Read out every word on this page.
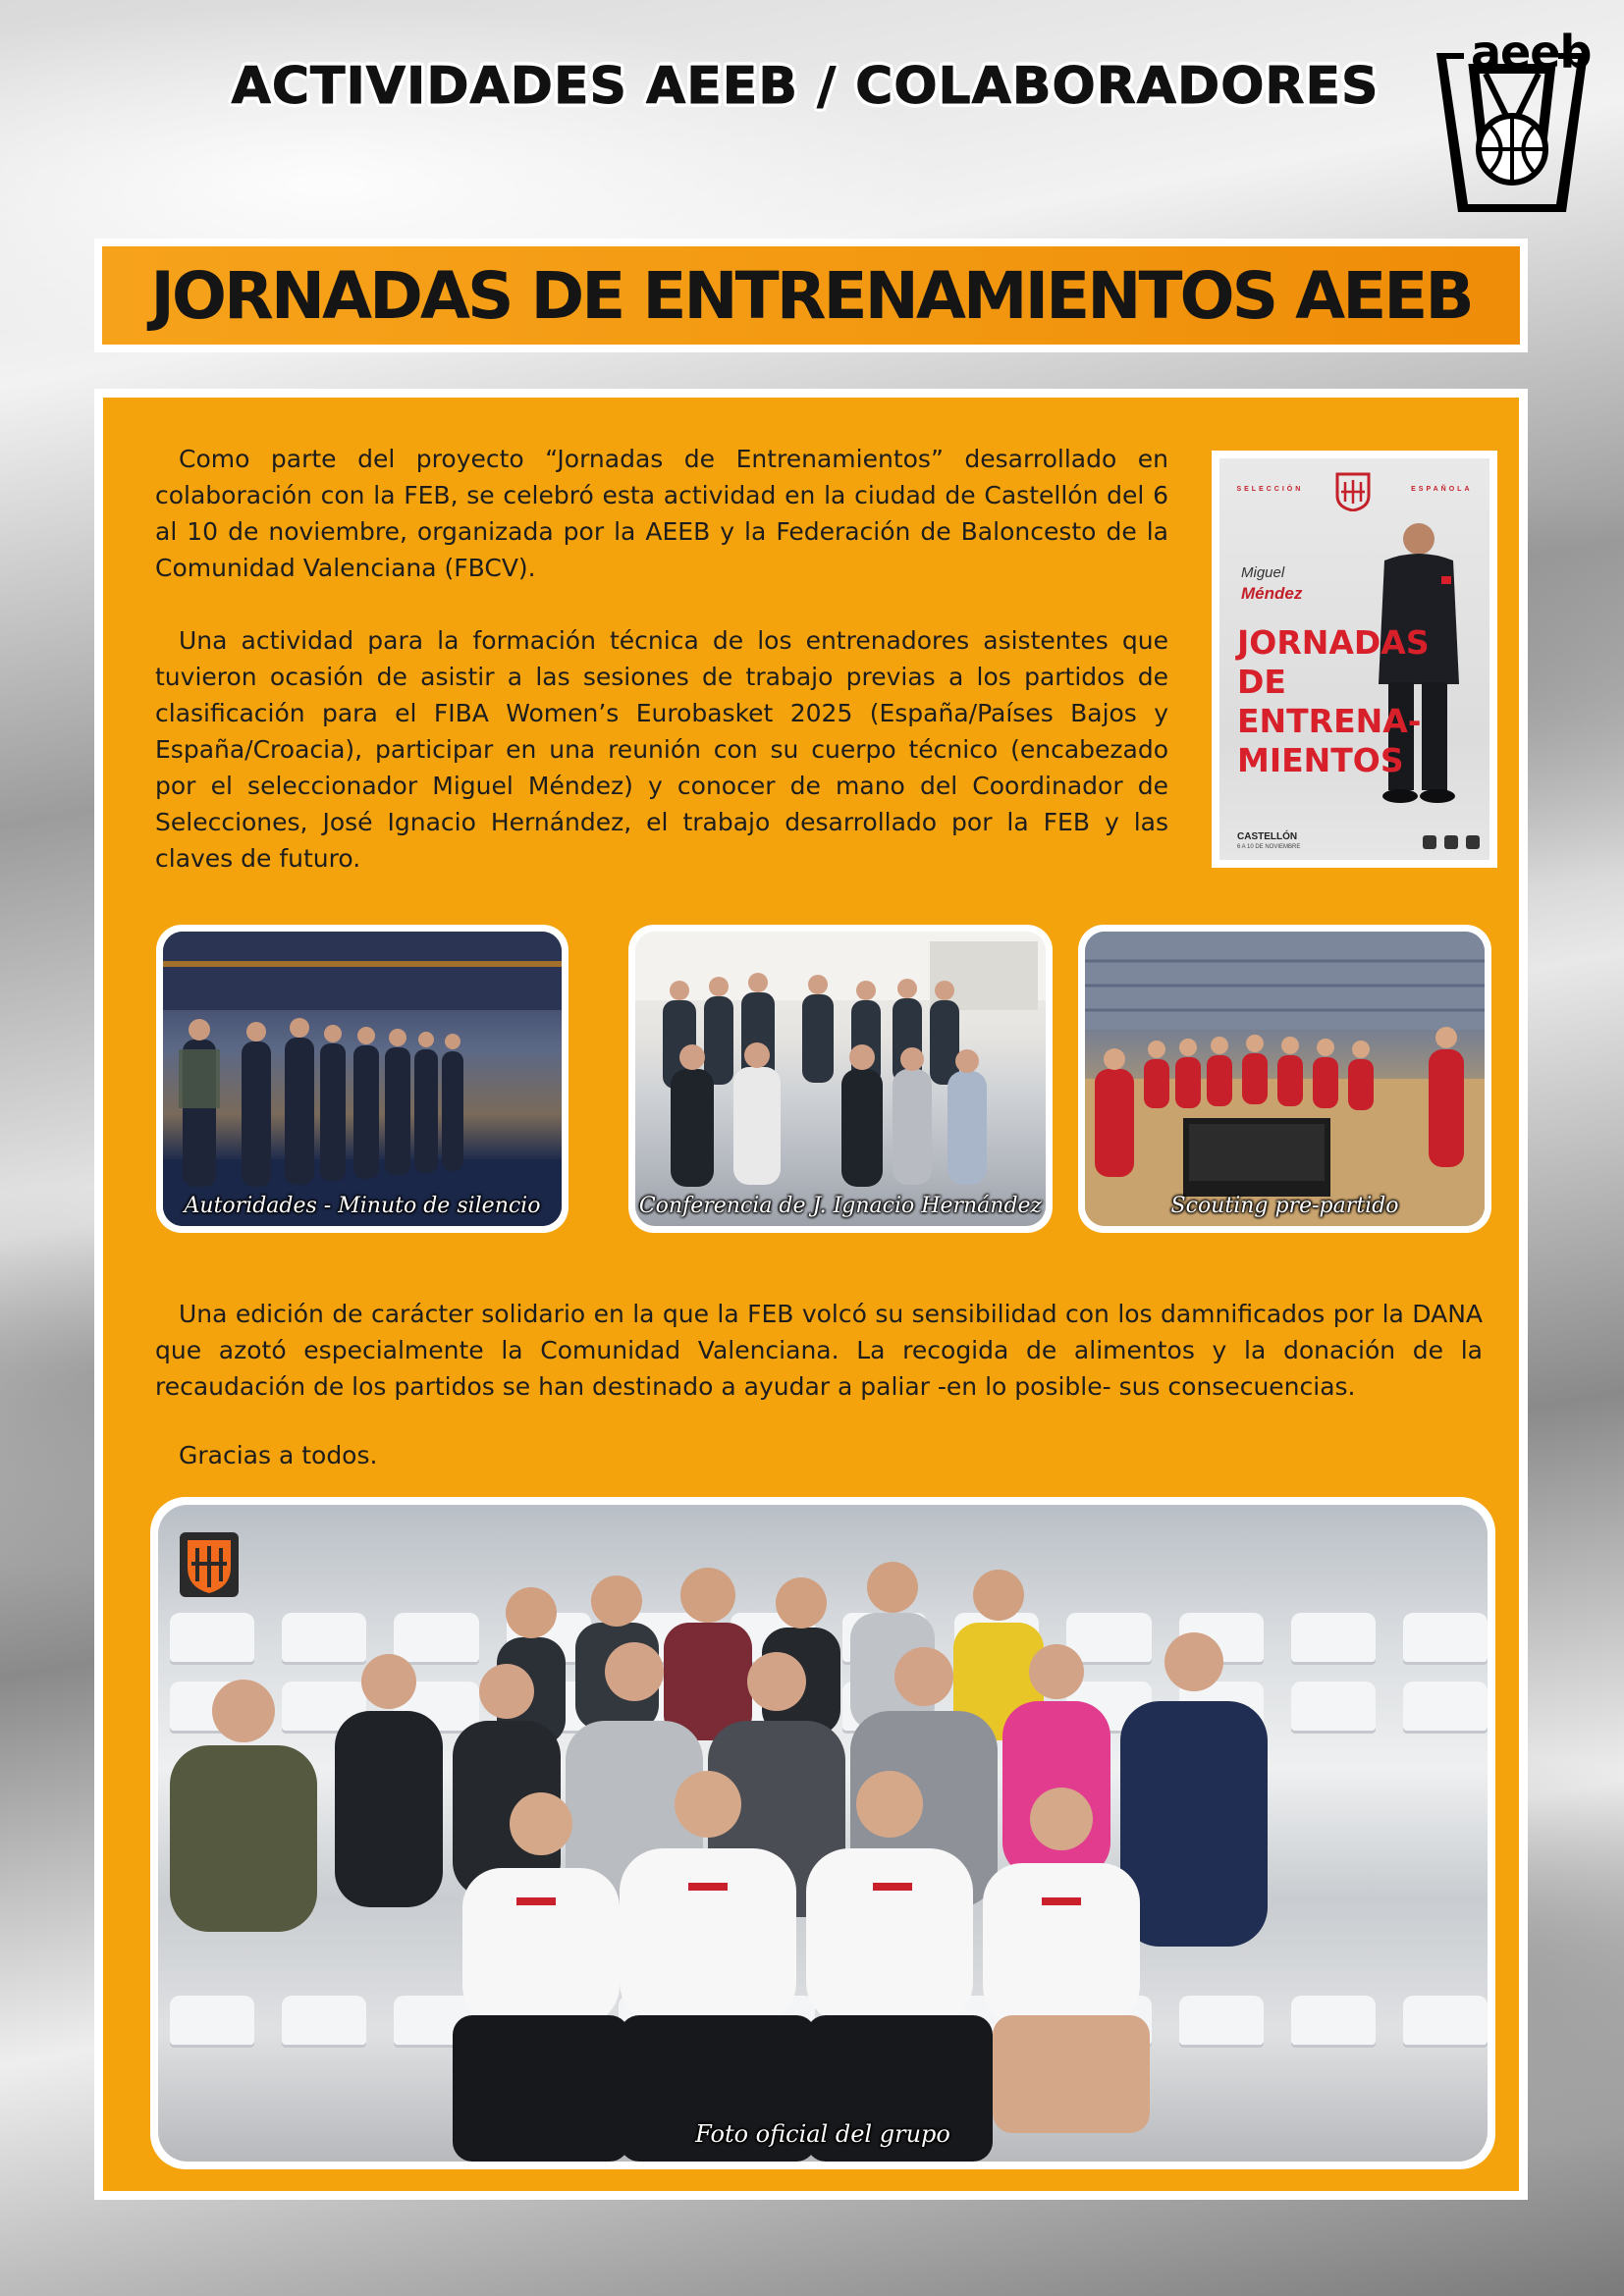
ACTIVIDADES AEEB / COLABORADORES
aeeb
JORNADAS DE ENTRENAMIENTOS AEEB

Como parte del proyecto “Jornadas de Entrenamientos” desarrollado en colaboración con la FEB, se celebró esta actividad en la ciudad de Castellón del 6 al 10 de noviembre, organizada por la AEEB y la Federación de Baloncesto de la Comunidad Valenciana (FBCV).

Una actividad para la formación técnica de los entrenadores asistentes que tuvieron ocasión de asistir a las sesiones de trabajo previas a los partidos de clasificación para el FIBA Women’s Eurobasket 2025 (España/Países Bajos y España/Croacia), participar en una reunión con su cuerpo técnico (encabezado por el seleccionador Miguel Méndez) y conocer de mano del Coordinador de Selecciones, José Ignacio Hernández, el trabajo desarrollado por la FEB y las claves de futuro.

SELECCIÓN	ESPAÑOLA
Miguel
Méndez
JORNADAS
DE
ENTRENA-
MIENTOS
CASTELLÓN
6 A 10 DE NOVIEMBRE
Autoridades - Minuto de silencio	Conferencia de J. Ignacio Hernández	Scouting pre-partido

Una edición de carácter solidario en la que la FEB volcó su sensibilidad con los damnificados por la DANA que azotó especialmente la Comunidad Valenciana. La recogida de alimentos y la donación de la recaudación de los partidos se han destinado a ayudar a paliar -en lo posible- sus consecuencias.

Gracias a todos.

Foto oficial del grupo
